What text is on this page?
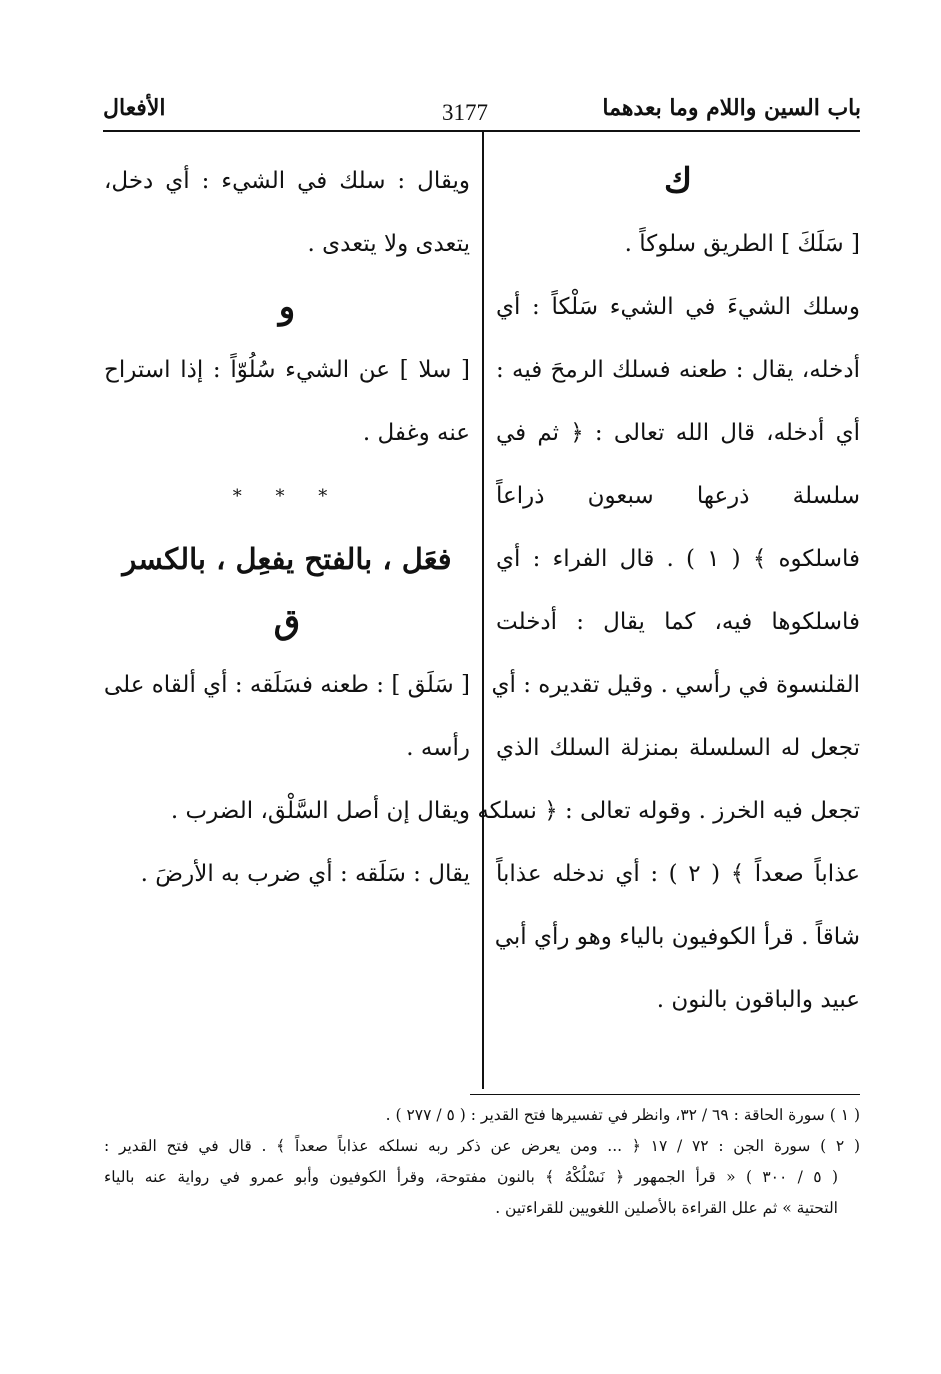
باب السين واللام وما بعدهما
3177
الأفعال
ك
[ سَلَكَ ] الطريق سلوكاً .
وسلك الشيءَ في الشيء سَلْكاً : أي
أدخله، يقال : طعنه فسلك الرمحَ فيه :
أي أدخله، قال الله تعالى : ﴿ ثم في
سلسلة ذرعها سبعون ذراعاً
فاسلكوه ﴾ ( ١ ) . قال الفراء : أي
فاسلكوها فيه، كما يقال : أدخلت
القلنسوة في رأسي . وقيل تقديره : أي
تجعل له السلسلة بمنزلة السلك الذي
تجعل فيه الخرز . وقوله تعالى : ﴿ نسلكه
عذاباً صعداً ﴾ ( ٢ ) : أي ندخله عذاباً
شاقاً . قرأ الكوفيون بالياء وهو رأي أبي
عبيد والباقون بالنون .
ويقال : سلك في الشيء : أي دخل،
يتعدى ولا يتعدى .
و
[ سلا ] عن الشيء سُلُوّاً : إذا استراح
عنه وغفل .
* * *
فعَل ، بالفتح يفعِل ، بالكسر
ق
[ سَلَق ] : طعنه فسَلَقه : أي ألقاه على
رأسه .
ويقال إن أصل السَّلْق، الضرب .
يقال : سَلَقه : أي ضرب به الأرضَ .
( ١ ) سورة الحاقة : ٦٩ / ٣٢، وانظر في تفسيرها فتح القدير : ( ٥ / ٢٧٧ ) .
( ٢ ) سورة الجن : ٧٢ / ١٧ ﴿ ... ومن يعرض عن ذكر ربه نسلكه عذاباً صعداً ﴾ . قال في فتح القدير :
( ٥ / ٣٠٠ ) « قرأ الجمهور ﴿ نَسْلُكْهُ ﴾ بالنون مفتوحة، وقرأ الكوفيون وأبو عمرو في رواية عنه بالياء
التحتية » ثم علل القراءة بالأصلين اللغويين للقراءتين .
